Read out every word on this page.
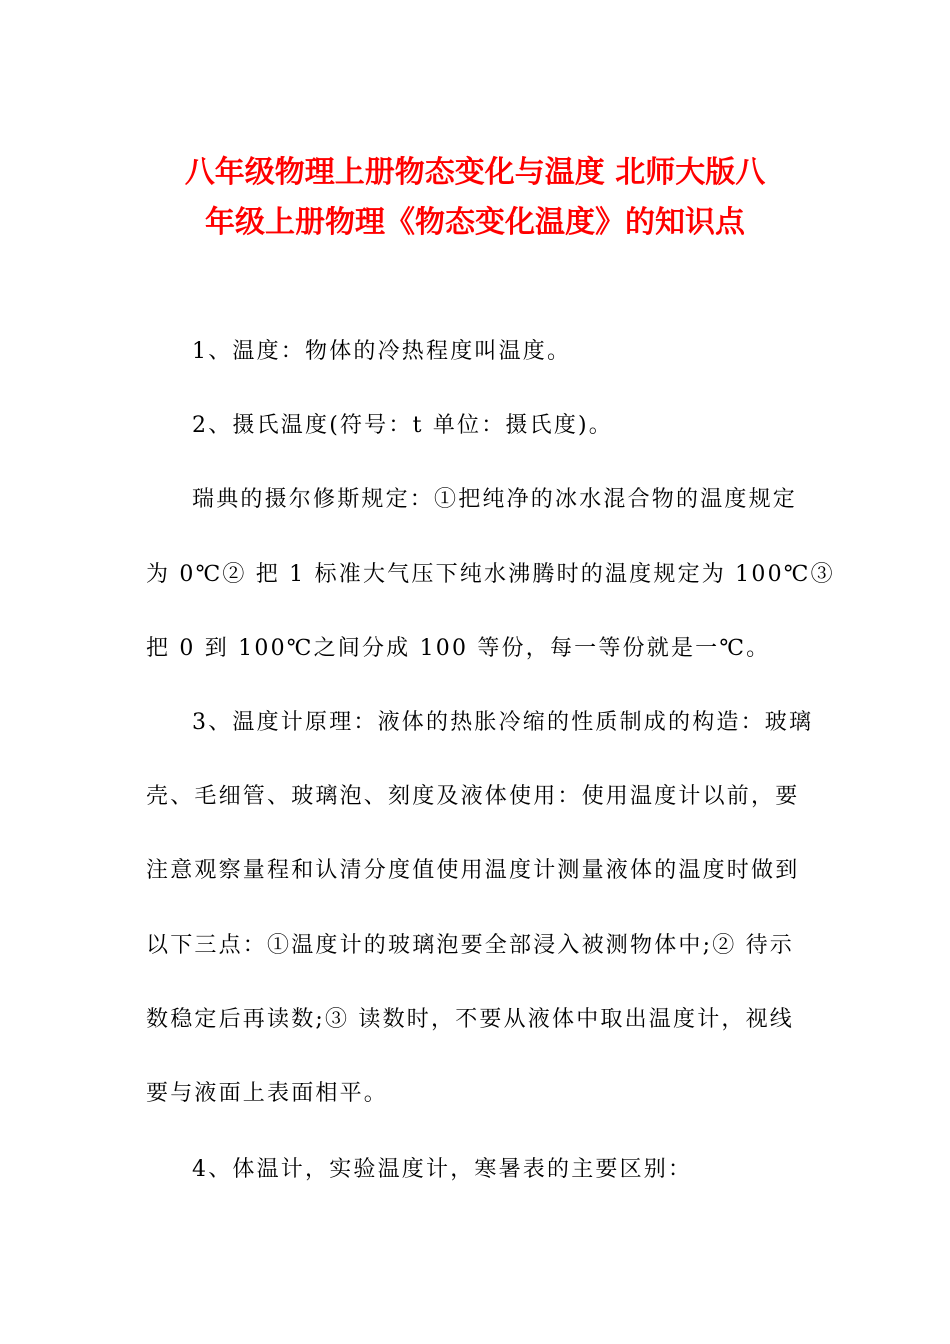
八年级物理上册物态变化与温度 北师大版八
年级上册物理《物态变化温度》的知识点

1、温度：物体的冷热程度叫温度。

2、摄氏温度(符号：t 单位：摄氏度)。

瑞典的摄尔修斯规定：①把纯净的冰水混合物的温度规定

为 0℃② 把 1 标准大气压下纯水沸腾时的温度规定为 100℃③

把 0 到 100℃之间分成 100 等份，每一等份就是一℃。

3、温度计原理：液体的热胀冷缩的性质制成的构造：玻璃

壳、毛细管、玻璃泡、刻度及液体使用：使用温度计以前，要

注意观察量程和认清分度值使用温度计测量液体的温度时做到

以下三点：①温度计的玻璃泡要全部浸入被测物体中;② 待示

数稳定后再读数;③ 读数时，不要从液体中取出温度计，视线

要与液面上表面相平。

4、体温计，实验温度计，寒暑表的主要区别：
